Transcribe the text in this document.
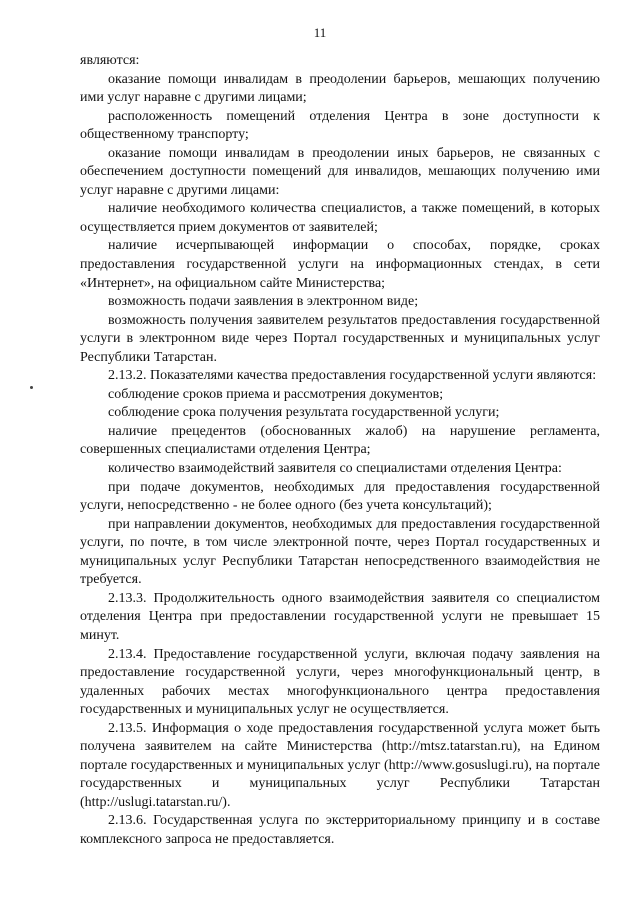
11

являются:

оказание помощи инвалидам в преодолении барьеров, мешающих получению ими услуг наравне с другими лицами;

расположенность помещений отделения Центра в зоне доступности к общественному транспорту;

оказание помощи инвалидам в преодолении иных барьеров, не связанных с обеспечением доступности помещений для инвалидов, мешающих получению ими услуг наравне с другими лицами:

наличие необходимого количества специалистов, а также помещений, в которых осуществляется прием документов от заявителей;

наличие исчерпывающей информации о способах, порядке, сроках предоставления государственной услуги на информационных стендах, в сети «Интернет», на официальном сайте Министерства;

возможность подачи заявления в электронном виде;

возможность получения заявителем результатов предоставления государственной услуги в электронном виде через Портал государственных и муниципальных услуг Республики Татарстан.

2.13.2. Показателями качества предоставления государственной услуги являются:

соблюдение сроков приема и рассмотрения документов;

соблюдение срока получения результата государственной услуги;

наличие прецедентов (обоснованных жалоб) на нарушение регламента, совершенных специалистами отделения Центра;

количество взаимодействий заявителя со специалистами отделения Центра:

при подаче документов, необходимых для предоставления государственной услуги, непосредственно - не более одного (без учета консультаций);

при направлении документов, необходимых для предоставления государственной услуги, по почте, в том числе электронной почте, через Портал государственных и муниципальных услуг Республики Татарстан непосредственного взаимодействия не требуется.

2.13.3. Продолжительность одного взаимодействия заявителя со специалистом отделения Центра при предоставлении государственной услуги не превышает 15 минут.

2.13.4. Предоставление государственной услуги, включая подачу заявления на предоставление государственной услуги, через многофункциональный центр, в удаленных рабочих местах многофункционального центра предоставления государственных и муниципальных услуг не осуществляется.

2.13.5. Информация о ходе предоставления государственной услуга может быть получена заявителем на сайте Министерства (http://mtsz.tatarstan.ru), на Едином портале государственных и муниципальных услуг (http://www.gosuslugi.ru), на портале государственных и муниципальных услуг Республики Татарстан (http://uslugi.tatarstan.ru/).

2.13.6. Государственная услуга по экстерриториальному принципу и в составе комплексного запроса не предоставляется.
